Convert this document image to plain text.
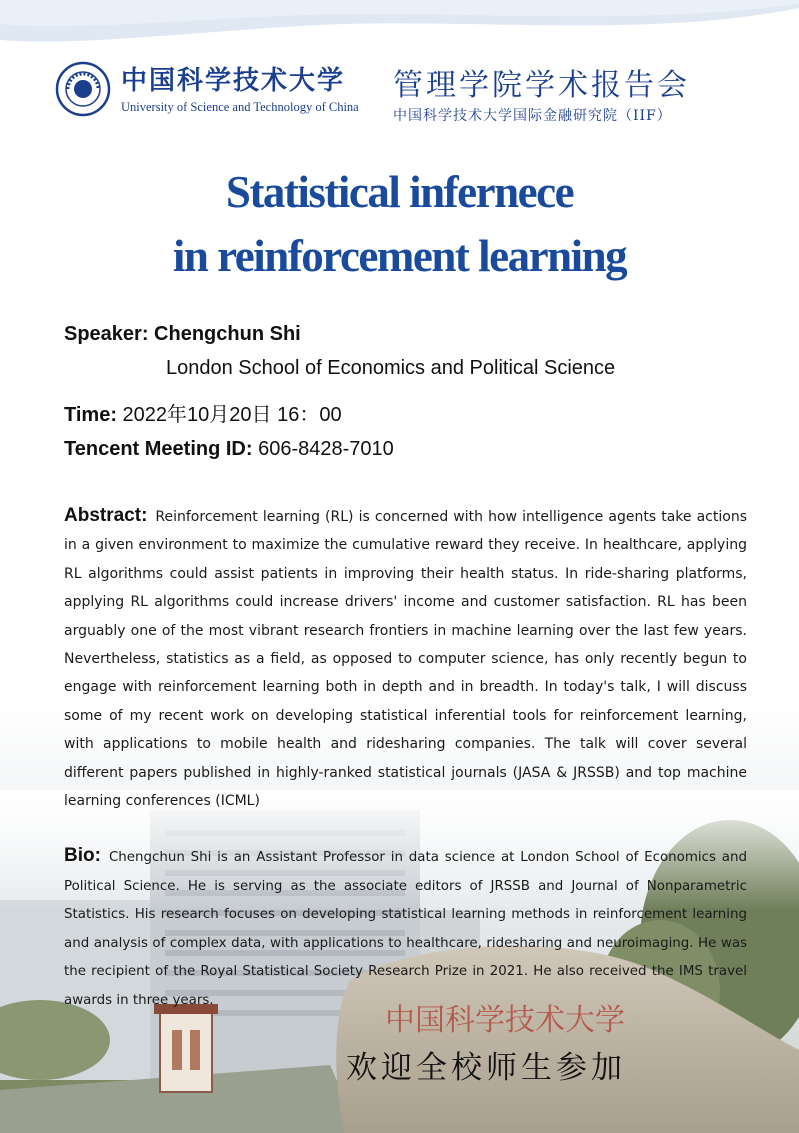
中国科学技术大学
University of Science and Technology of China
管理学院学术报告会
中国科学技术大学国际金融研究院（IIF）
Statistical infernece
in reinforcement learning
Speaker: Chengchun Shi
London School of Economics and Political Science
Time: 2022年10月20日 16：00
Tencent Meeting ID: 606-8428-7010
Abstract: Reinforcement learning (RL) is concerned with how intelligence agents take actions in a given environment to maximize the cumulative reward they receive. In healthcare, applying RL algorithms could assist patients in improving their health status. In ride-sharing platforms, applying RL algorithms could increase drivers' income and customer satisfaction. RL has been arguably one of the most vibrant research frontiers in machine learning over the last few years. Nevertheless, statistics as a field, as opposed to computer science, has only recently begun to engage with reinforcement learning both in depth and in breadth. In today's talk, I will discuss some of my recent work on developing statistical inferential tools for reinforcement learning, with applications to mobile health and ridesharing companies. The talk will cover several different papers published in highly-ranked statistical journals (JASA & JRSSB) and top machine learning conferences (ICML)
Bio: Chengchun Shi is an Assistant Professor in data science at London School of Economics and Political Science. He is serving as the associate editors of JRSSB and Journal of Nonparametric Statistics. His research focuses on developing statistical learning methods in reinforcement learning and analysis of complex data, with applications to healthcare, ridesharing and neuroimaging. He was the recipient of the Royal Statistical Society Research Prize in 2021. He also received the IMS travel awards in three years.
欢迎全校师生参加
